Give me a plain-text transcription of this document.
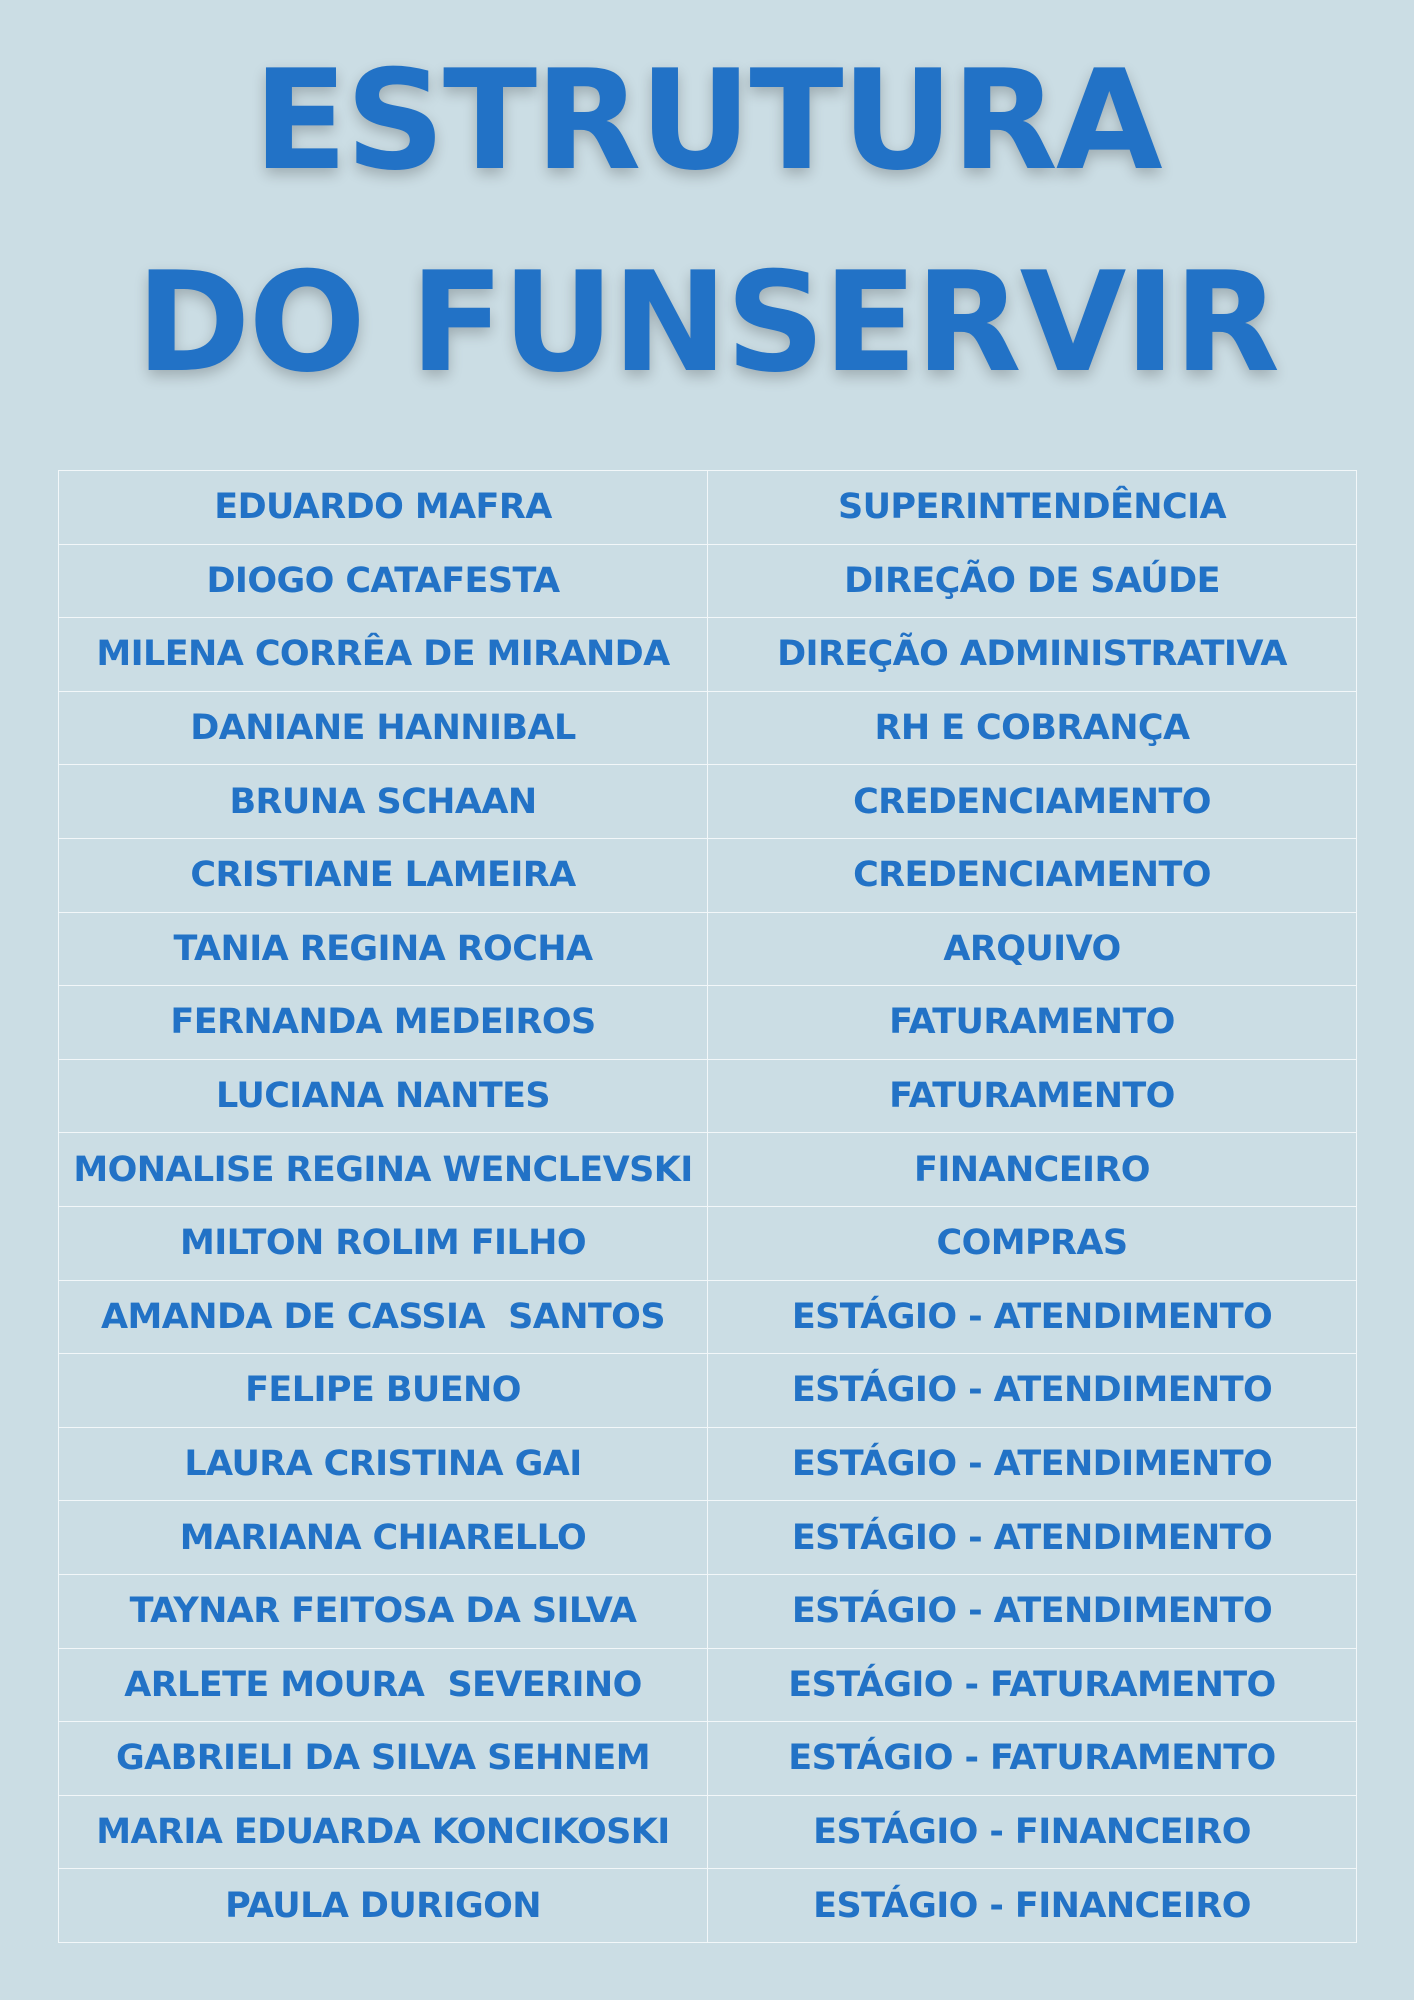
ESTRUTURA
DO FUNSERVIR
EDUARDO MAFRA	SUPERINTENDÊNCIA
DIOGO CATAFESTA	DIREÇÃO DE SAÚDE
MILENA CORRÊA DE MIRANDA	DIREÇÃO ADMINISTRATIVA
DANIANE HANNIBAL	RH E COBRANÇA
BRUNA SCHAAN	CREDENCIAMENTO
CRISTIANE LAMEIRA	CREDENCIAMENTO
TANIA REGINA ROCHA	ARQUIVO
FERNANDA MEDEIROS	FATURAMENTO
LUCIANA NANTES	FATURAMENTO
MONALISE REGINA WENCLEVSKI	FINANCEIRO
MILTON ROLIM FILHO	COMPRAS
AMANDA DE CASSIA  SANTOS	ESTÁGIO - ATENDIMENTO
FELIPE BUENO	ESTÁGIO - ATENDIMENTO
LAURA CRISTINA GAI	ESTÁGIO - ATENDIMENTO
MARIANA CHIARELLO	ESTÁGIO - ATENDIMENTO
TAYNAR FEITOSA DA SILVA	ESTÁGIO - ATENDIMENTO
ARLETE MOURA  SEVERINO	ESTÁGIO - FATURAMENTO
GABRIELI DA SILVA SEHNEM	ESTÁGIO - FATURAMENTO
MARIA EDUARDA KONCIKOSKI	ESTÁGIO - FINANCEIRO
PAULA DURIGON	ESTÁGIO - FINANCEIRO
